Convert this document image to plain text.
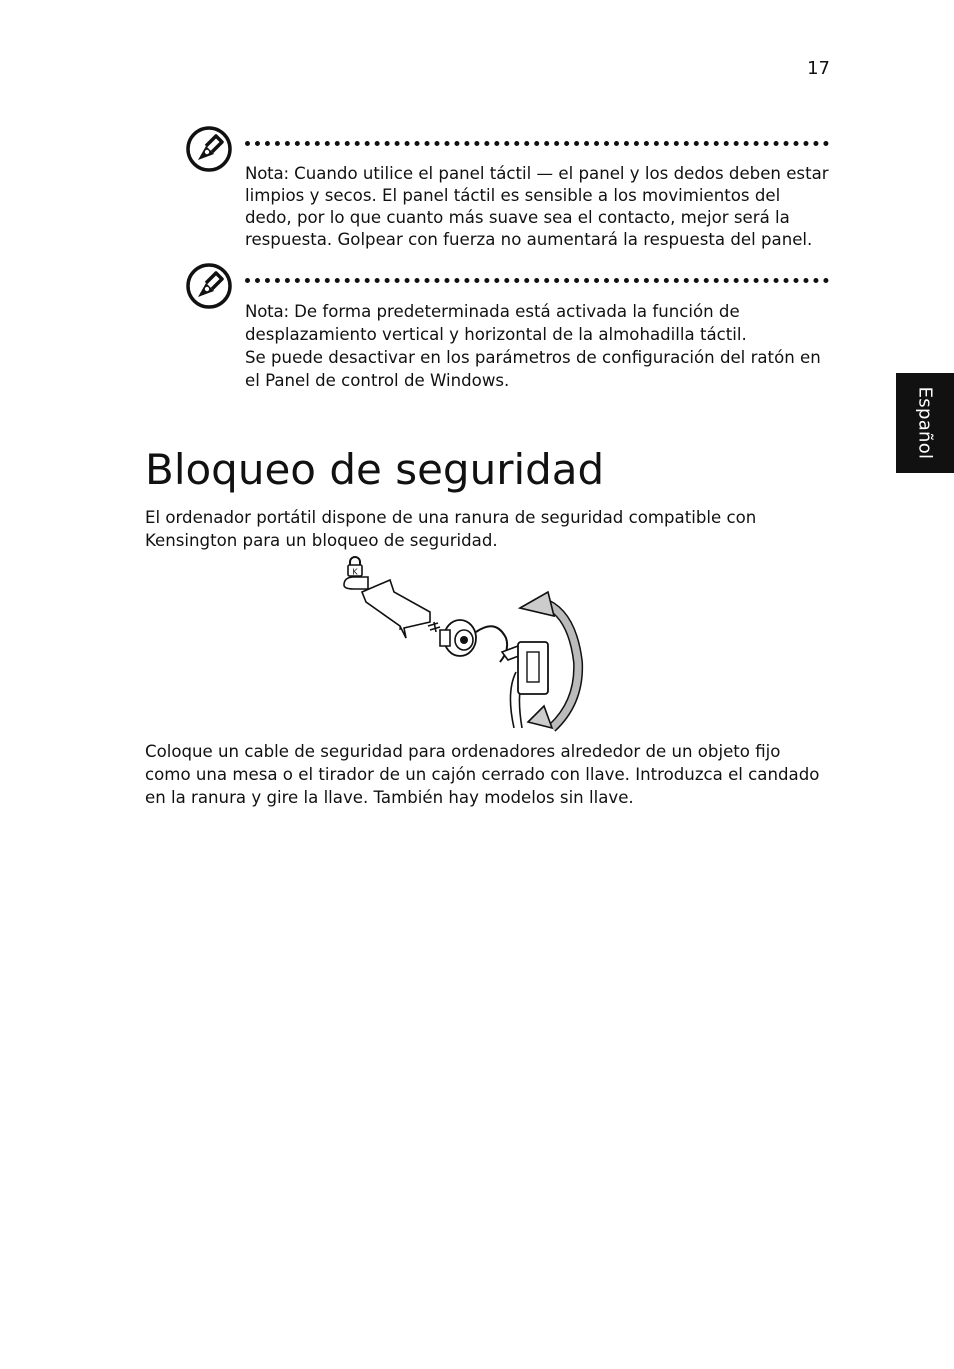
17
Español
Nota: Cuando utilice el panel táctil — el panel y los dedos deben estar limpios y secos. El panel táctil es sensible a los movimientos del dedo, por lo que cuanto más suave sea el contacto, mejor será la respuesta. Golpear con fuerza no aumentará la respuesta del panel.
Nota: De forma predeterminada está activada la función de desplazamiento vertical y horizontal de la almohadilla táctil.
Se puede desactivar en los parámetros de configuración del ratón en el Panel de control de Windows.
Bloqueo de seguridad

El ordenador portátil dispone de una ranura de seguridad compatible con Kensington para un bloqueo de seguridad.

K

Coloque un cable de seguridad para ordenadores alrededor de un objeto fijo como una mesa o el tirador de un cajón cerrado con llave. Introduzca el candado en la ranura y gire la llave. También hay modelos sin llave.
